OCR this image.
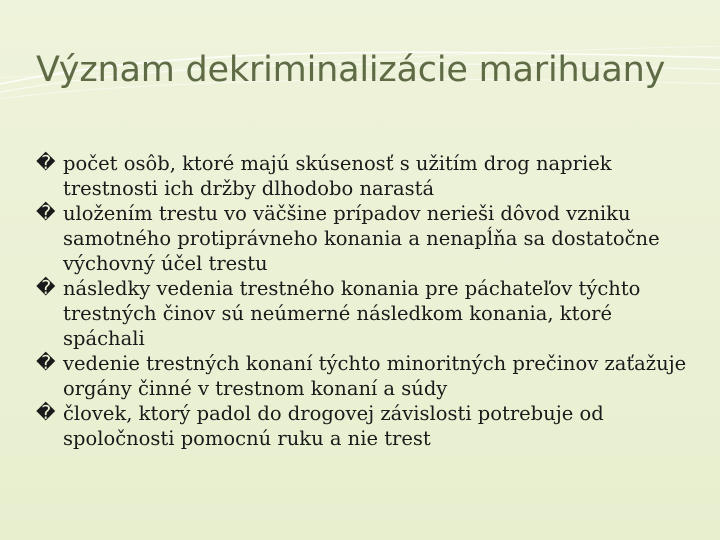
Význam dekriminalizácie marihuany
� počet osôb, ktoré majú skúsenosť s užitím drog napriek trestnosti ich držby dlhodobo narastá
� uložením trestu vo väčšine prípadov nerieši dôvod vzniku samotného protiprávneho konania a nenapĺňa sa dostatočne výchovný účel trestu
� následky vedenia trestného konania pre páchateľov týchto trestných činov sú neúmerné následkom konania, ktoré spáchali
� vedenie trestných konaní týchto minoritných prečinov zaťažuje orgány činné v trestnom konaní a súdy
� človek, ktorý padol do drogovej závislosti potrebuje od spoločnosti pomocnú ruku a nie trest
